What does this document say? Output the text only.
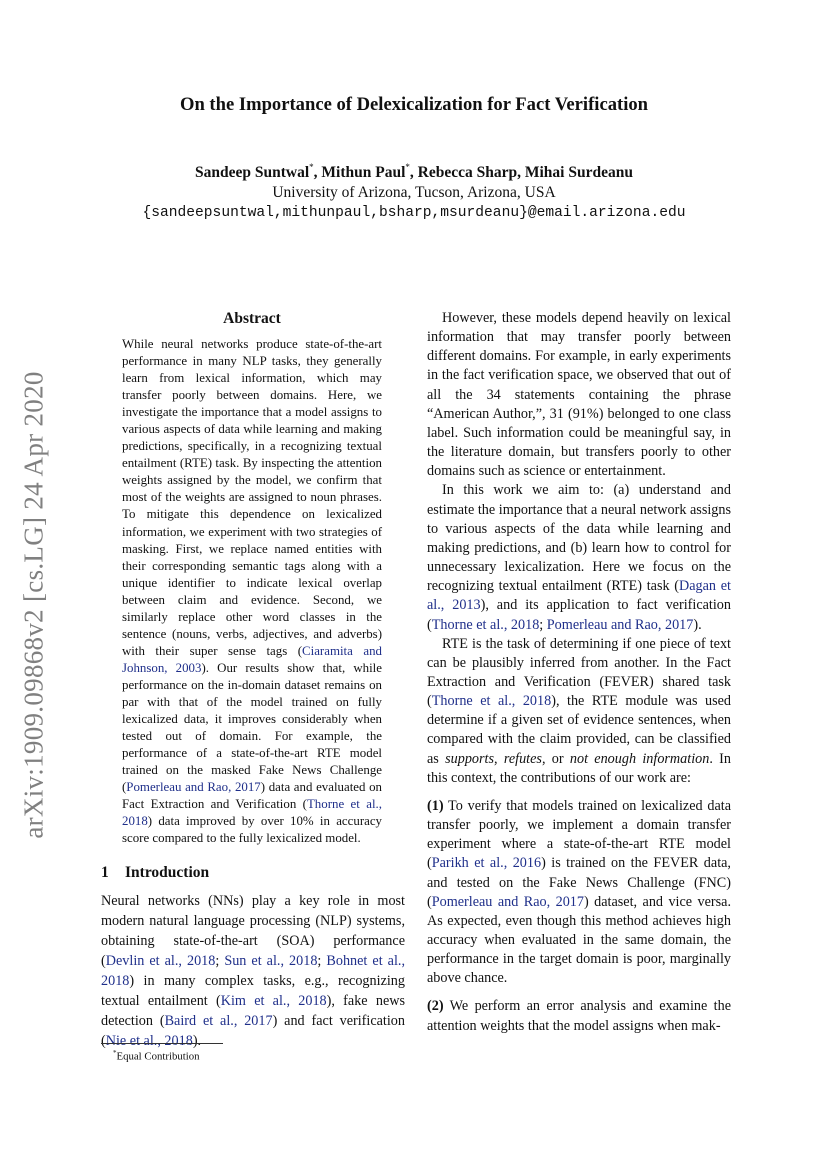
arXiv:1909.09868v2 [cs.LG] 24 Apr 2020
On the Importance of Delexicalization for Fact Verification
Sandeep Suntwal*, Mithun Paul*, Rebecca Sharp, Mihai Surdeanu
University of Arizona, Tucson, Arizona, USA
{sandeepsuntwal,mithunpaul,bsharp,msurdeanu}@email.arizona.edu
Abstract
While neural networks produce state-of-the-art performance in many NLP tasks, they generally learn from lexical information, which may transfer poorly between domains. Here, we investigate the importance that a model assigns to various aspects of data while learning and making predictions, specifically, in a recognizing textual entailment (RTE) task. By inspecting the attention weights assigned by the model, we confirm that most of the weights are assigned to noun phrases. To mitigate this dependence on lexicalized information, we experiment with two strategies of masking. First, we replace named entities with their corresponding semantic tags along with a unique identifier to indicate lexical overlap between claim and evidence. Second, we similarly replace other word classes in the sentence (nouns, verbs, adjectives, and adverbs) with their super sense tags (Ciaramita and Johnson, 2003). Our results show that, while performance on the in-domain dataset remains on par with that of the model trained on fully lexicalized data, it improves considerably when tested out of domain. For example, the performance of a state-of-the-art RTE model trained on the masked Fake News Challenge (Pomerleau and Rao, 2017) data and evaluated on Fact Extraction and Verification (Thorne et al., 2018) data improved by over 10% in accuracy score compared to the fully lexicalized model.
1 Introduction
Neural networks (NNs) play a key role in most modern natural language processing (NLP) systems, obtaining state-of-the-art (SOA) performance (Devlin et al., 2018; Sun et al., 2018; Bohnet et al., 2018) in many complex tasks, e.g., recognizing textual entailment (Kim et al., 2018), fake news detection (Baird et al., 2017) and fact verification (Nie et al., 2018).
*Equal Contribution

However, these models depend heavily on lexical information that may transfer poorly between different domains. For example, in early experiments in the fact verification space, we observed that out of all the 34 statements containing the phrase “American Author,”, 31 (91%) belonged to one class label. Such information could be meaningful say, in the literature domain, but transfers poorly to other domains such as science or entertainment.

In this work we aim to: (a) understand and estimate the importance that a neural network assigns to various aspects of the data while learning and making predictions, and (b) learn how to control for unnecessary lexicalization. Here we focus on the recognizing textual entailment (RTE) task (Dagan et al., 2013), and its application to fact verification (Thorne et al., 2018; Pomerleau and Rao, 2017).

RTE is the task of determining if one piece of text can be plausibly inferred from another. In the Fact Extraction and Verification (FEVER) shared task (Thorne et al., 2018), the RTE module was used determine if a given set of evidence sentences, when compared with the claim provided, can be classified as supports, refutes, or not enough information. In this context, the contributions of our work are:

(1) To verify that models trained on lexicalized data transfer poorly, we implement a domain transfer experiment where a state-of-the-art RTE model (Parikh et al., 2016) is trained on the FEVER data, and tested on the Fake News Challenge (FNC) (Pomerleau and Rao, 2017) dataset, and vice versa. As expected, even though this method achieves high accuracy when evaluated in the same domain, the performance in the target domain is poor, marginally above chance.

(2) We perform an error analysis and examine the attention weights that the model assigns when mak-
